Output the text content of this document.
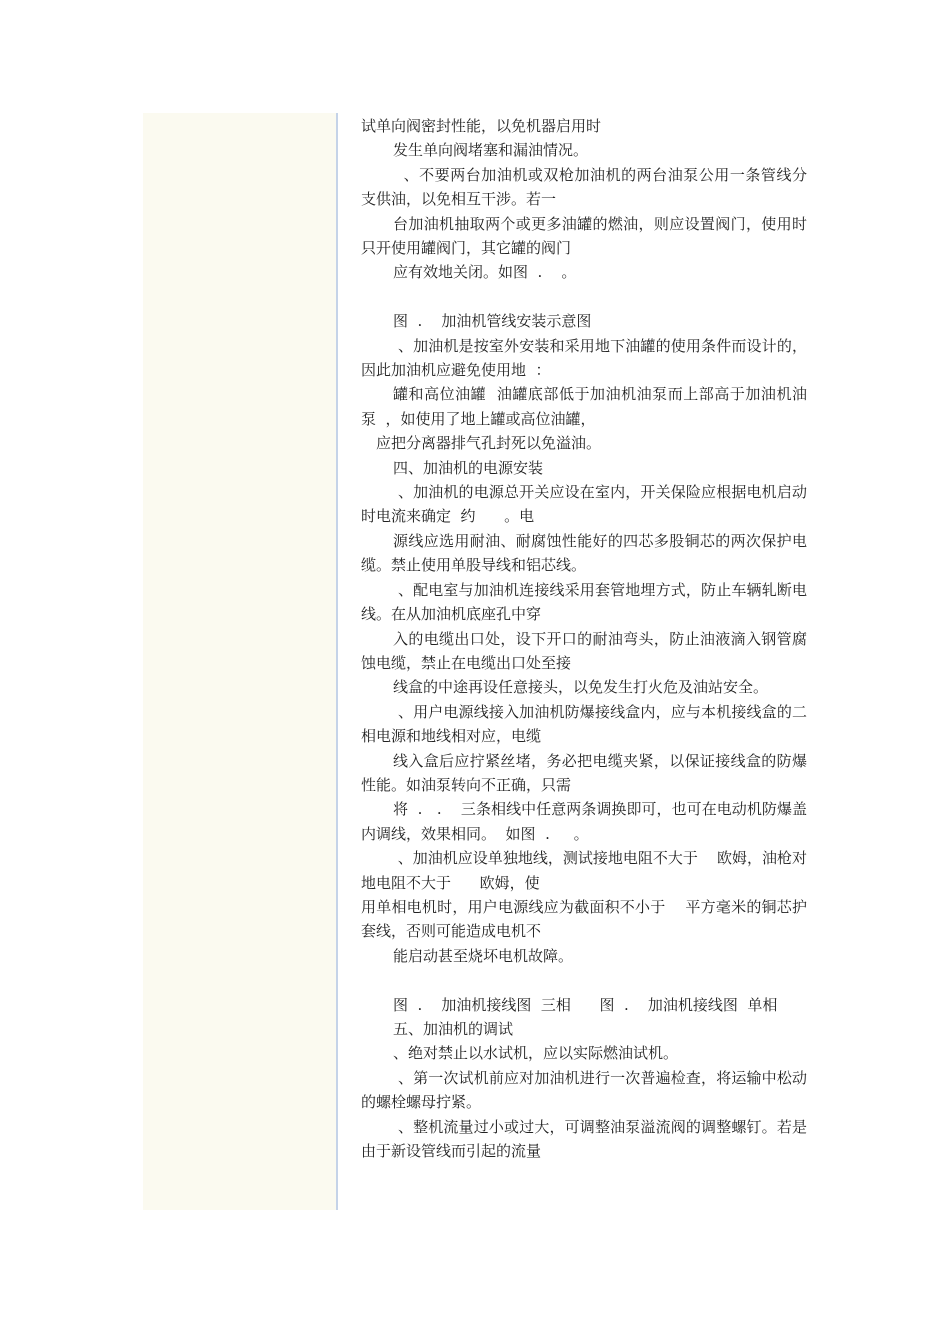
试单向阀密封性能，以免机器启用时

发生单向阀堵塞和漏油情况。

、不要两台加油机或双枪加油机的两台油泵公用一条管线分支供油，以免相互干涉。若一

台加油机抽取两个或更多油罐的燃油，则应设置阀门，使用时只开使用罐阀门，其它罐的阀门

应有效地关闭。如图  .    。

图  .    加油机管线安装示意图

、加油机是按室外安装和采用地下油罐的使用条件而设计的，因此加油机应避免使用地  ：

罐和高位油罐  油罐底部低于加油机油泵而上部高于加油机油泵  ，如使用了地上罐或高位油罐，

应把分离器排气孔封死以免溢油。

四、加油机的电源安装

、加油机的电源总开关应设在室内，开关保险应根据电机启动时电流来确定  约      。电

源线应选用耐油、耐腐蚀性能好的四芯多股铜芯的两次保护电缆。禁止使用单股导线和铝芯线。

、配电室与加油机连接线采用套管地埋方式，防止车辆轧断电线。在从加油机底座孔中穿

入的电缆出口处，设下开口的耐油弯头，防止油液滴入钢管腐蚀电缆，禁止在电缆出口处至接

线盒的中途再设任意接头，以免发生打火危及油站安全。

、用户电源线接入加油机防爆接线盒内，应与本机接线盒的二相电源和地线相对应，电缆

线入盒后应拧紧丝堵，务必把电缆夹紧，以保证接线盒的防爆性能。如油泵转向不正确，只需

将  .   .    三条相线中任意两条调换即可，也可在电动机防爆盖内调线，效果相同。  如图  .     。

、加油机应设单独地线，测试接地电阻不大于    欧姆，油枪对地电阻不大于      欧姆，使

用单相电机时，用户电源线应为截面积不小于    平方毫米的铜芯护套线，否则可能造成电机不

能启动甚至烧坏电机故障。

图  .    加油机接线图  三相      图  .    加油机接线图  单相

五、加油机的调试

、绝对禁止以水试机，应以实际燃油试机。

、第一次试机前应对加油机进行一次普遍检查，将运输中松动的螺栓螺母拧紧。

、整机流量过小或过大，可调整油泵溢流阀的调整螺钉。若是由于新设管线而引起的流量
